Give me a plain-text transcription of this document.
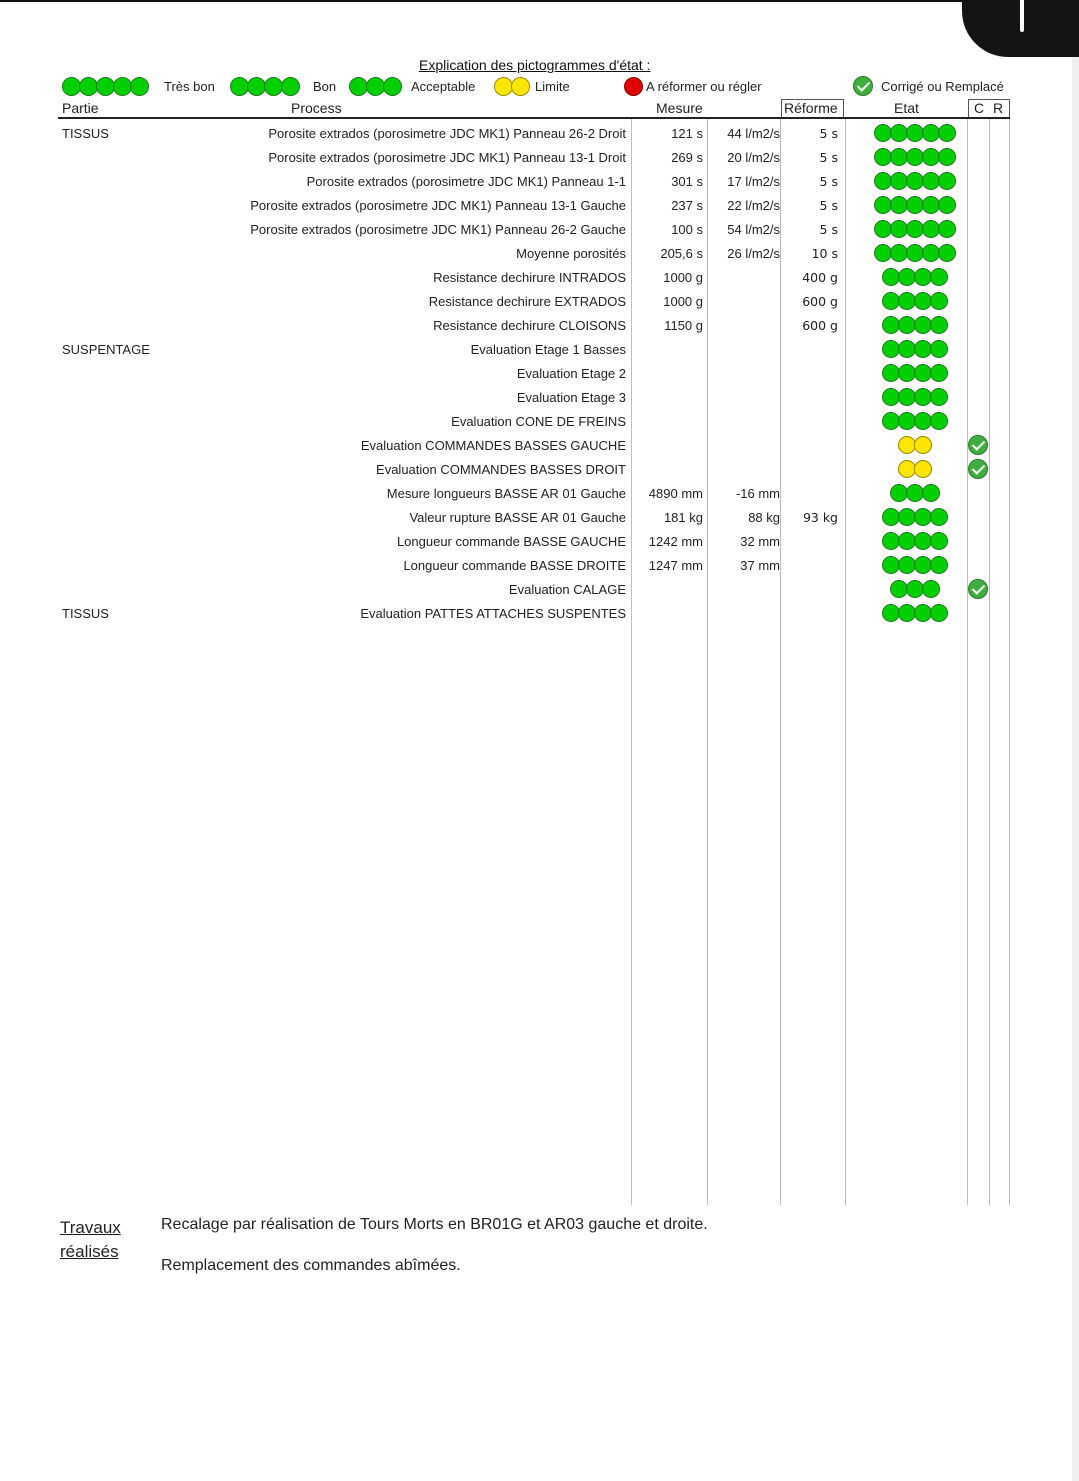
Explication des pictogrammes d'état :
Très bon	Bon	Acceptable	Limite	A réformer ou régler	Corrigé ou Remplacé
Partie	Process	Mesure	Réforme	Etat	C R
TISSUS	Porosite extrados (porosimetre JDC MK1) Panneau 26-2 Droit	121 s 44 l/m2/s	5 s
Porosite extrados (porosimetre JDC MK1) Panneau 13-1 Droit	269 s 20 l/m2/s	5 s
Porosite extrados (porosimetre JDC MK1) Panneau 1-1	301 s 17 l/m2/s	5 s
Porosite extrados (porosimetre JDC MK1) Panneau 13-1 Gauche	237 s 22 l/m2/s	5 s
Porosite extrados (porosimetre JDC MK1) Panneau 26-2 Gauche	100 s 54 l/m2/s	5 s
Moyenne porosités	205,6 s 26 l/m2/s	10 s
Resistance dechirure INTRADOS	1000 g	400 g
Resistance dechirure EXTRADOS	1000 g	600 g
Resistance dechirure CLOISONS	1150 g	600 g
SUSPENTAGE	Evaluation Etage 1 Basses
Evaluation Etage 2
Evaluation Etage 3
Evaluation CONE DE FREINS
Evaluation COMMANDES BASSES GAUCHE
Evaluation COMMANDES BASSES DROIT
Mesure longueurs BASSE AR 01 Gauche 4890 mm	-16 mm
Valeur rupture BASSE AR 01 Gauche	181 kg	88 kg 93 kg
Longueur commande BASSE GAUCHE 1242 mm	32 mm
Longueur commande BASSE DROITE 1247 mm	37 mm
Evaluation CALAGE
TISSUS	Evaluation PATTES ATTACHES SUSPENTES
Travaux
réalisés
Recalage par réalisation de Tours Morts en BR01G et AR03 gauche et droite.
Remplacement des commandes abîmées.
